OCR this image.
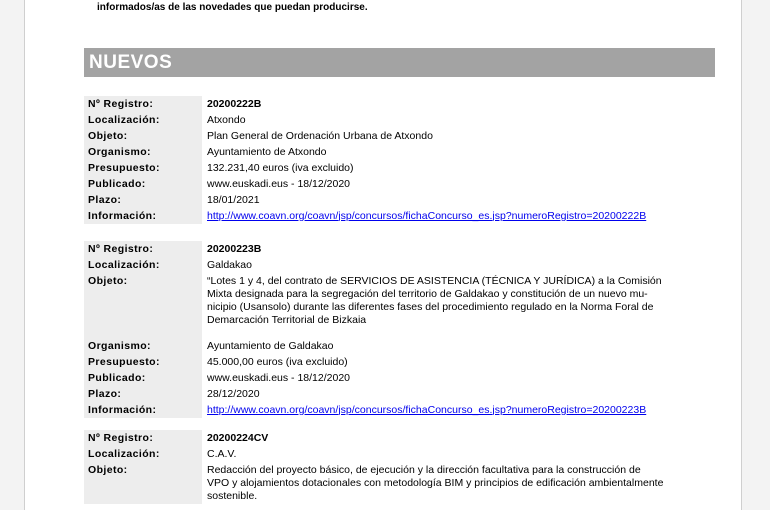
informados/as de las novedades que puedan producirse.
NUEVOS
Nº Registro:	20200222B
Localización:	Atxondo
Objeto:	Plan General de Ordenación Urbana de Atxondo
Organismo:	Ayuntamiento de Atxondo
Presupuesto:	132.231,40 euros (iva excluido)
Publicado:	www.euskadi.eus - 18/12/2020
Plazo:	18/01/2021
Información:	http://www.coavn.org/coavn/jsp/concursos/fichaConcurso_es.jsp?numeroRegistro=20200222B
Nº Registro:	20200223B
Localización:	Galdakao
Objeto:	“Lotes 1 y 4, del contrato de SERVICIOS DE ASISTENCIA (TÉCNICA Y JURÍDICA) a la Comisión
Mixta designada para la segregación del territorio de Galdakao y constitución de un nuevo mu-
nicipio (Usansolo) durante las diferentes fases del procedimiento regulado en la Norma Foral de
Demarcación Territorial de Bizkaia
Organismo:	Ayuntamiento de Galdakao
Presupuesto:	45.000,00 euros (iva excluido)
Publicado:	www.euskadi.eus - 18/12/2020
Plazo:	28/12/2020
Información:	http://www.coavn.org/coavn/jsp/concursos/fichaConcurso_es.jsp?numeroRegistro=20200223B
Nº Registro:	20200224CV
Localización:	C.A.V.
Objeto:	Redacción del proyecto básico, de ejecución y la dirección facultativa para la construcción de
VPO y alojamientos dotacionales con metodología BIM y principios de edificación ambientalmente
sostenible.
